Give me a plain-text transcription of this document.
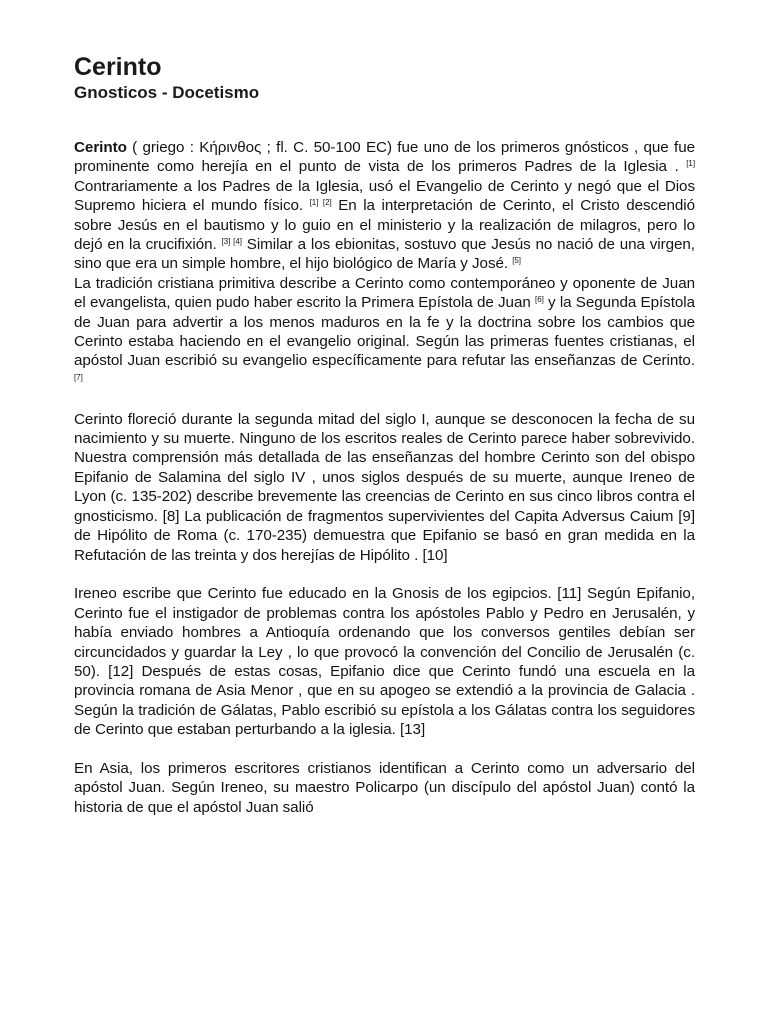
Cerinto
Gnosticos - Docetismo

Cerinto ( griego : Κήρινθος ; fl. C. 50-100 EC) fue uno de los primeros gnósticos , que fue prominente como herejía en el punto de vista de los primeros Padres de la Iglesia . [1] Contrariamente a los Padres de la Iglesia, usó el Evangelio de Cerinto y negó que el Dios Supremo hiciera el mundo físico. [1] [2] En la interpretación de Cerinto, el Cristo descendió sobre Jesús en el bautismo y lo guio en el ministerio y la realización de milagros, pero lo dejó en la crucifixión. [3] [4] Similar a los ebionitas, sostuvo que Jesús no nació de una virgen, sino que era un simple hombre, el hijo biológico de María y José. [5]

La tradición cristiana primitiva describe a Cerinto como contemporáneo y oponente de Juan el evangelista, quien pudo haber escrito la Primera Epístola de Juan [6] y la Segunda Epístola de Juan para advertir a los menos maduros en la fe y la doctrina sobre los cambios que Cerinto estaba haciendo en el evangelio original. Según las primeras fuentes cristianas, el apóstol Juan escribió su evangelio específicamente para refutar las enseñanzas de Cerinto. [7]

Cerinto floreció durante la segunda mitad del siglo I, aunque se desconocen la fecha de su nacimiento y su muerte. Ninguno de los escritos reales de Cerinto parece haber sobrevivido. Nuestra comprensión más detallada de las enseñanzas del hombre Cerinto son del obispo Epifanio de Salamina del siglo IV , unos siglos después de su muerte, aunque Ireneo de Lyon (c. 135-202) describe brevemente las creencias de Cerinto en sus cinco libros contra el gnosticismo. [8] La publicación de fragmentos supervivientes del Capita Adversus Caium [9] de Hipólito de Roma (c. 170-235) demuestra que Epifanio se basó en gran medida en la Refutación de las treinta y dos herejías de Hipólito . [10]

Ireneo escribe que Cerinto fue educado en la Gnosis de los egipcios. [11] Según Epifanio, Cerinto fue el instigador de problemas contra los apóstoles Pablo y Pedro en Jerusalén, y había enviado hombres a Antioquía ordenando que los conversos gentiles debían ser circuncidados y guardar la Ley , lo que provocó la convención del Concilio de Jerusalén (c. 50). [12] Después de estas cosas, Epifanio dice que Cerinto fundó una escuela en la provincia romana de Asia Menor , que en su apogeo se extendió a la provincia de Galacia . Según la tradición de Gálatas, Pablo escribió su epístola a los Gálatas contra los seguidores de Cerinto que estaban perturbando a la iglesia. [13]

En Asia, los primeros escritores cristianos identifican a Cerinto como un adversario del apóstol Juan. Según Ireneo, su maestro Policarpo (un discípulo del apóstol Juan) contó la historia de que el apóstol Juan salió
